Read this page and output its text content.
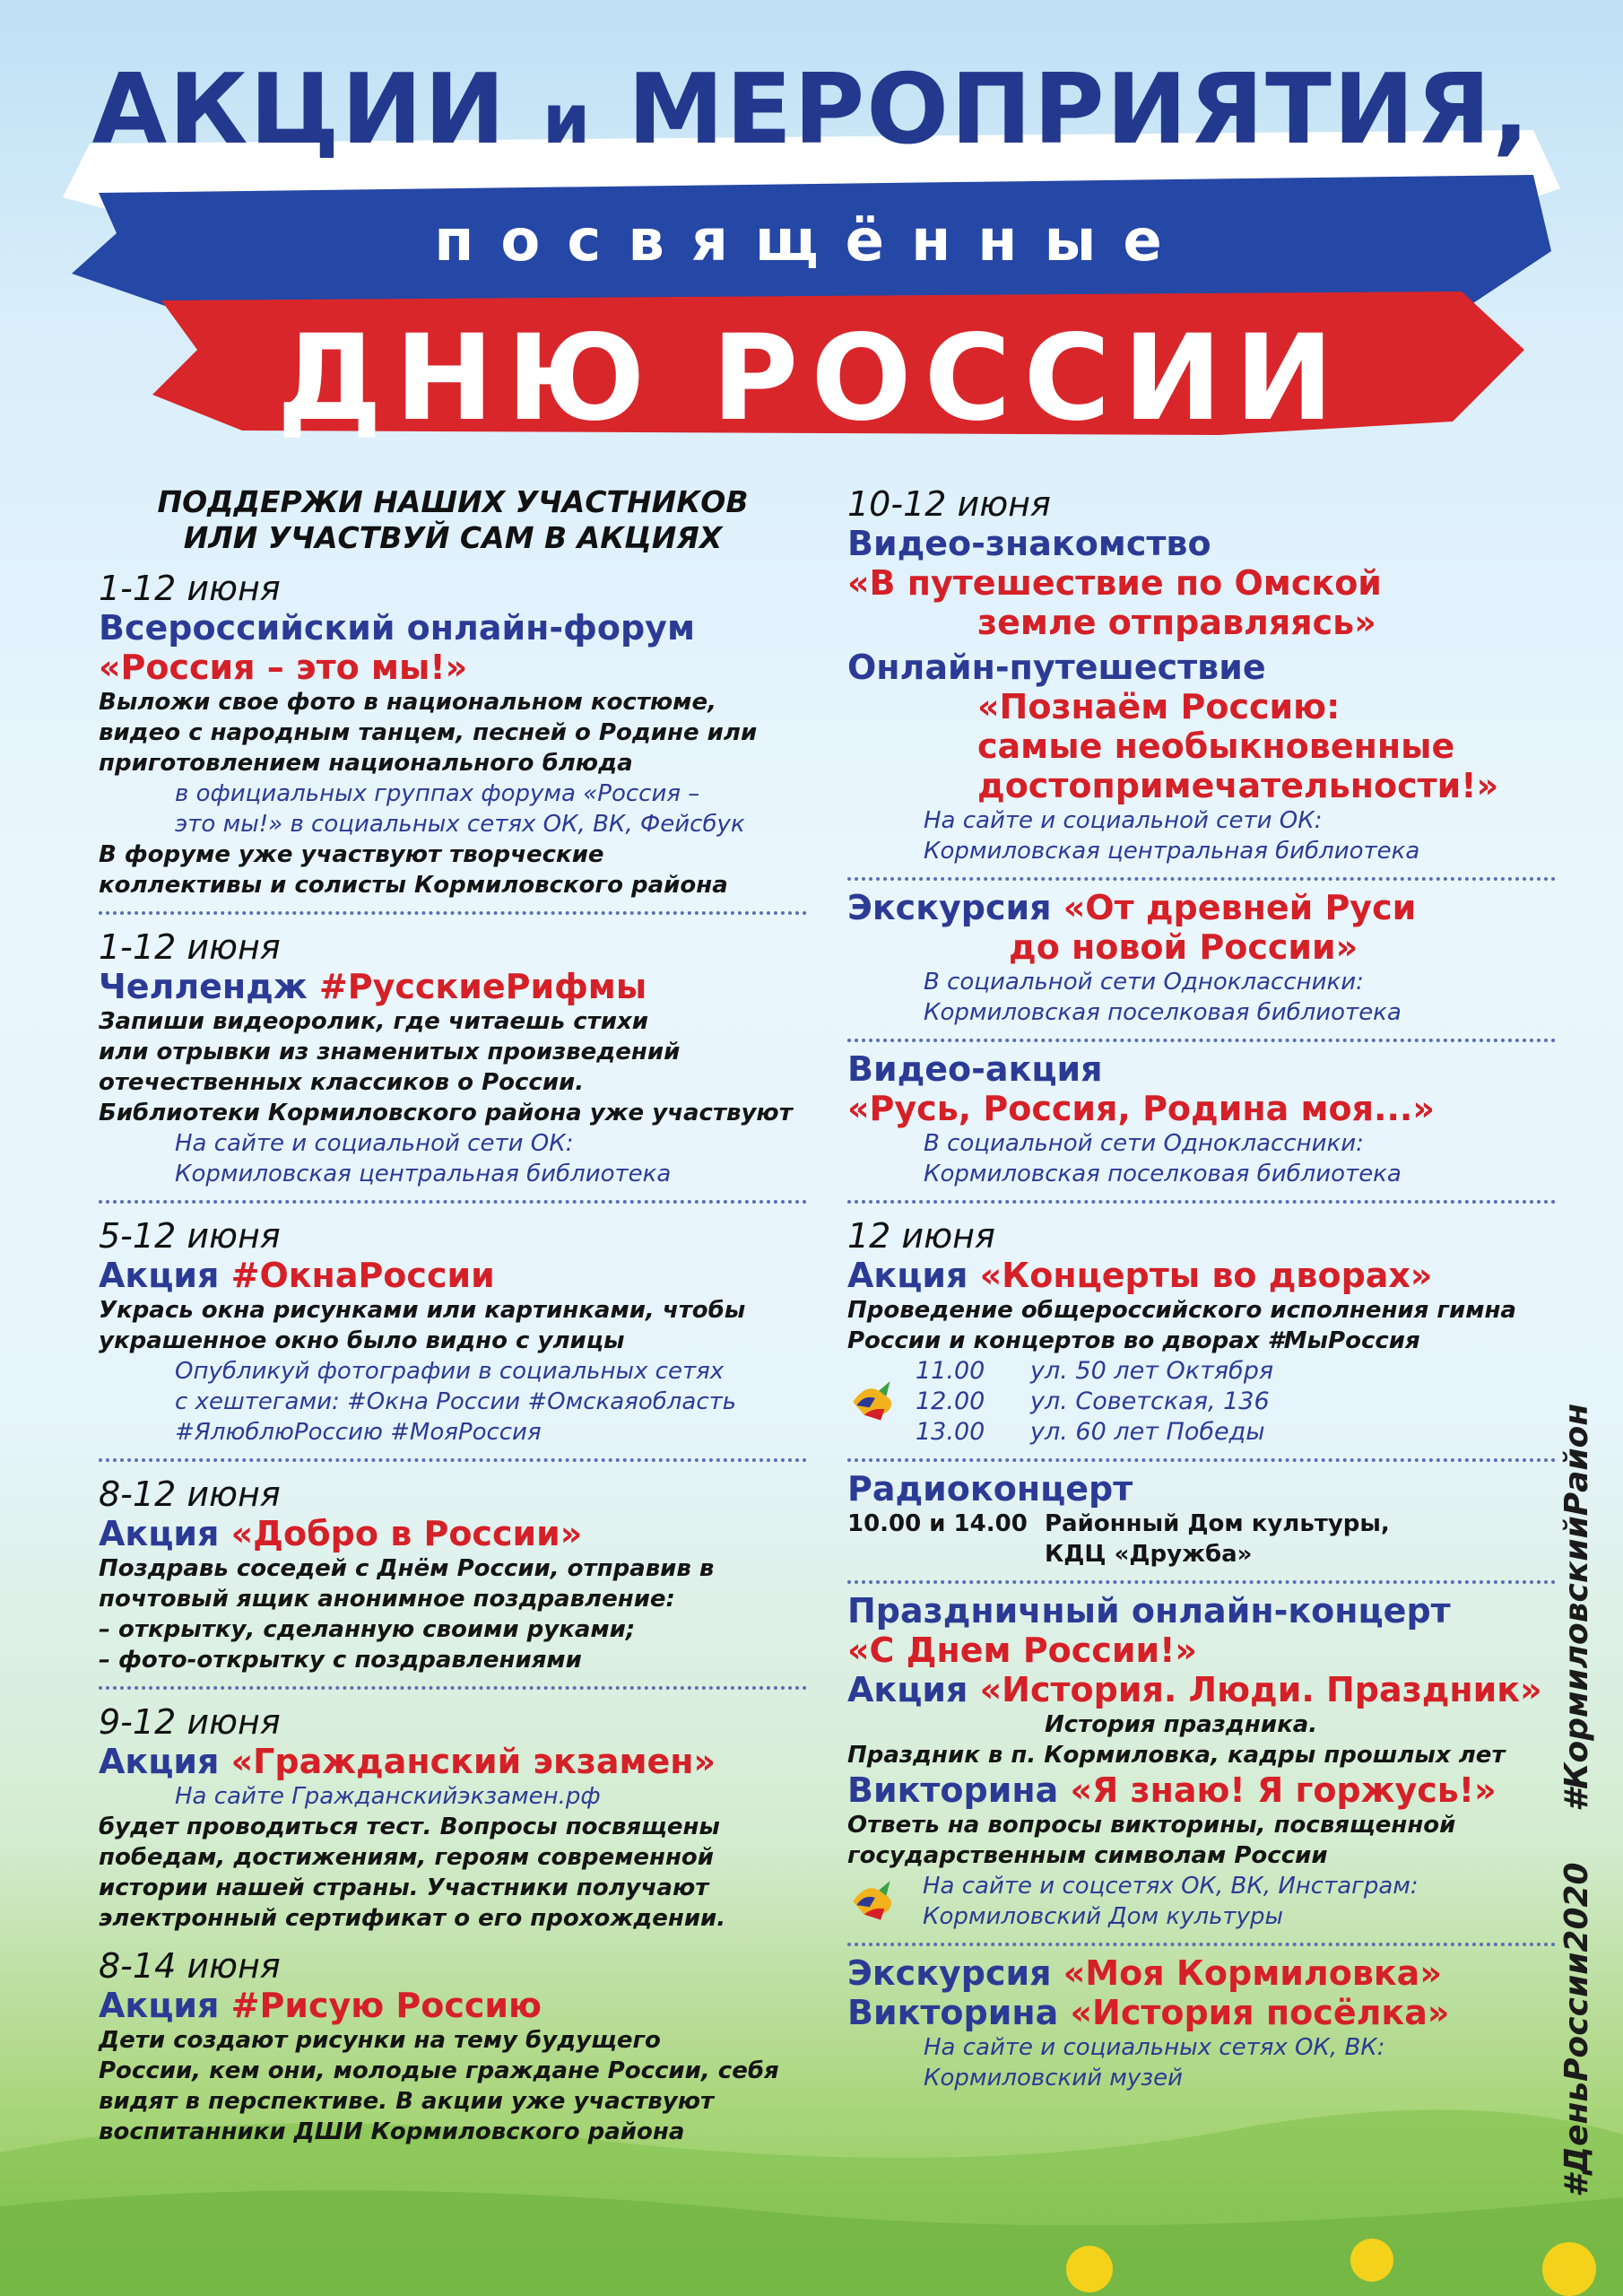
АКЦИИ и МЕРОПРИЯТИЯ,
посвящённые
ДНЮ РОССИИ
ПОДДЕРЖИ НАШИХ УЧАСТНИКОВ
ИЛИ УЧАСТВУЙ САМ В АКЦИЯХ
1-12 июня
Всероссийский онлайн-форум
«Россия – это мы!»
Выложи свое фото в национальном костюме,
видео с народным танцем, песней о Родине или
приготовлением национального блюда
в официальных группах форума «Россия –
это мы!» в социальных сетях ОК, ВК, Фейсбук
В форуме уже участвуют творческие
коллективы и солисты Кормиловского района
1-12 июня
Челлендж #РусскиеРифмы
Запиши видеоролик, где читаешь стихи
или отрывки из знаменитых произведений
отечественных классиков о России.
Библиотеки Кормиловского района уже участвуют
На сайте и социальной сети ОК:
Кормиловская центральная библиотека
5-12 июня
Акция #ОкнаРоссии
Укрась окна рисунками или картинками, чтобы
украшенное окно было видно с улицы
Опубликуй фотографии в социальных сетях
с хештегами: #Окна России #Омскаяобласть
#ЯлюблюРоссию #МояРоссия
8-12 июня
Акция «Добро в России»
Поздравь соседей с Днём России, отправив в
почтовый ящик анонимное поздравление:
– открытку, сделанную своими руками;
– фото-открытку с поздравлениями
9-12 июня
Акция «Гражданский экзамен»
На сайте Гражданскийэкзамен.рф
будет проводиться тест. Вопросы посвящены
победам, достижениям, героям современной
истории нашей страны. Участники получают
электронный сертификат о его прохождении.
8-14 июня
Акция #Рисую Россию
Дети создают рисунки на тему будущего
России, кем они, молодые граждане России, себя
видят в перспективе. В акции уже участвуют
воспитанники ДШИ Кормиловского района
10-12 июня
Видео-знакомство
«В путешествие по Омской
земле отправляясь»
Онлайн-путешествие
«Познаём Россию:
самые необыкновенные
достопримечательности!»
На сайте и социальной сети ОК:
Кормиловская центральная библиотека
Экскурсия «От древней Руси
до новой России»
В социальной сети Одноклассники:
Кормиловская поселковая библиотека
Видео-акция
«Русь, Россия, Родина моя...»
В социальной сети Одноклассники:
Кормиловская поселковая библиотека
12 июня
Акция «Концерты во дворах»
Проведение общероссийского исполнения гимна
России и концертов во дворах #МыРоссия
11.00 ул. 50 лет Октября
12.00 ул. Советская, 136
13.00 ул. 60 лет Победы
Радиоконцерт
10.00 и 14.00 Районный Дом культуры,
КДЦ «Дружба»
Праздничный онлайн-концерт
«С Днем России!»
Акция «История. Люди. Праздник»
История праздника.
Праздник в п. Кормиловка, кадры прошлых лет
Викторина «Я знаю! Я горжусь!»
Ответь на вопросы викторины, посвященной
государственным символам России
На сайте и соцсетях ОК, ВК, Инстаграм:
Кормиловский Дом культуры
Экскурсия «Моя Кормиловка»
Викторина «История посёлка»
На сайте и социальных сетях ОК, ВК:
Кормиловский музей
#КормиловскийРайон
#ДеньРоссии2020
